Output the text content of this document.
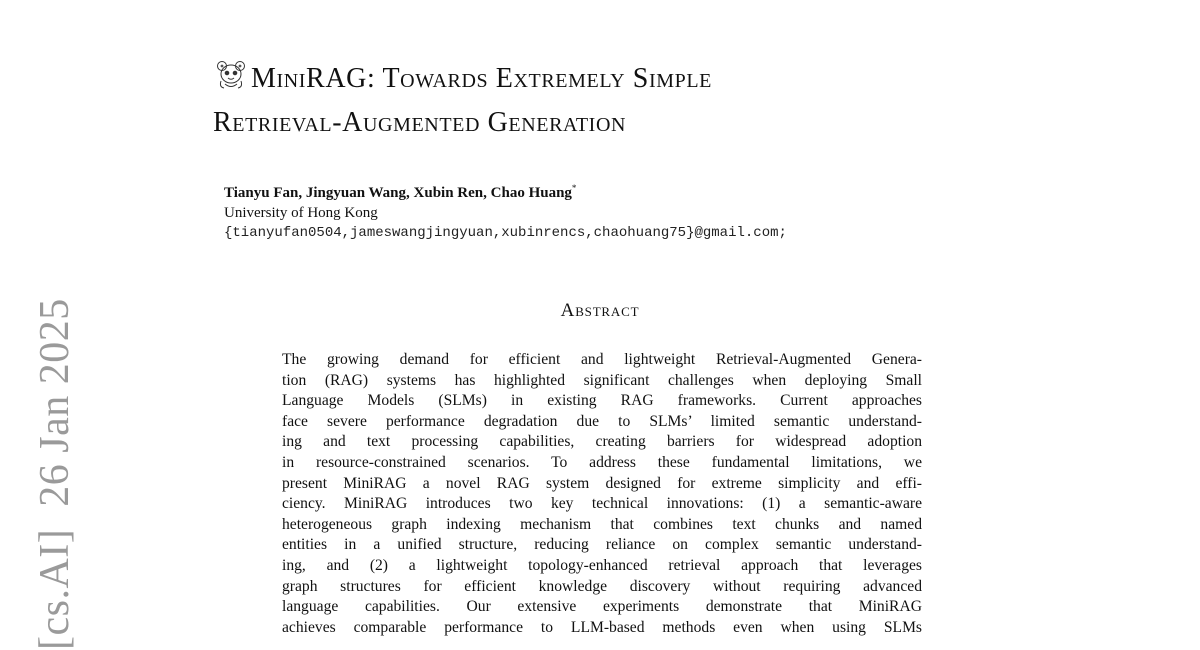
[cs.AI]26 Jan 2025
MiniRAG: Towards Extremely Simple
Retrieval-Augmented Generation
Tianyu Fan, Jingyuan Wang, Xubin Ren, Chao Huang*
University of Hong Kong
{tianyufan0504,jameswangjingyuan,xubinrencs,chaohuang75}@gmail.com;
Abstract
The growing demand for efficient and lightweight Retrieval-Augmented Genera-
tion (RAG) systems has highlighted significant challenges when deploying Small
Language Models (SLMs) in existing RAG frameworks. Current approaches
face severe performance degradation due to SLMs’ limited semantic understand-
ing and text processing capabilities, creating barriers for widespread adoption
in resource-constrained scenarios. To address these fundamental limitations, we
present MiniRAG a novel RAG system designed for extreme simplicity and effi-
ciency. MiniRAG introduces two key technical innovations: (1) a semantic-aware
heterogeneous graph indexing mechanism that combines text chunks and named
entities in a unified structure, reducing reliance on complex semantic understand-
ing, and (2) a lightweight topology-enhanced retrieval approach that leverages
graph structures for efficient knowledge discovery without requiring advanced
language capabilities. Our extensive experiments demonstrate that MiniRAG
achieves comparable performance to LLM-based methods even when using SLMs
